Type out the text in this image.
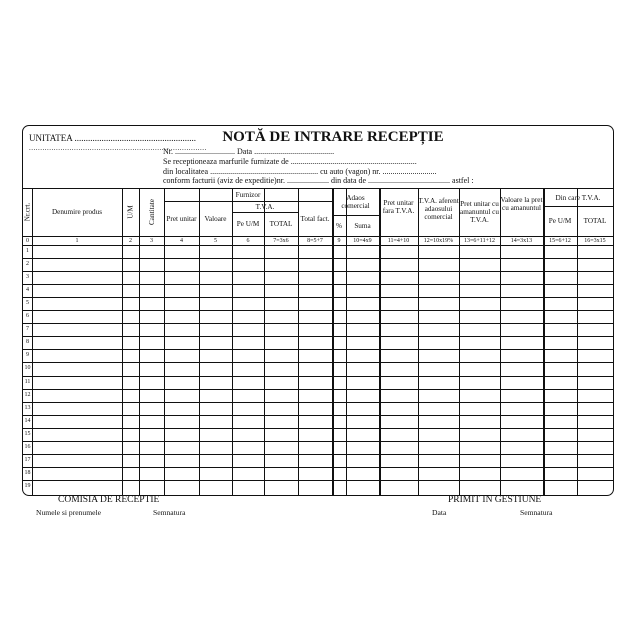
UNITATEA ......................................................
...............................................................................
NOTĂ DE INTRARE RECEPȚIE
Nr. .............................. Data ........................................
Se receptioneaza marfurile furnizate de ...............................................................
din localitatea ...................................................... cu auto (vagon) nr. ...........................
conform facturii (aviz de expeditie)nr. ..................... din data de ......................................... astfel :
Nr.crt.	Denumire produs	U/M Cantitate
Furnizor
Pret unitar	Valoare
T.V.A.
Pe U/M	TOTAL
Total fact.
Adaos comercial
%	Suma
Pret unitar fara T.V.A.
T.V.A. aferent adaosului comercial
Pret unitar cu amanuntul cu T.V.A.
Valoare la pret cu amanuntul
Din care T.V.A.
Pe U/M	TOTAL
0	1	2	3	4	5	6	7=3x6	8=5+7	9	10=4x9	11=4+10	12=10x19%	13=6+11+12	14=3x13	15=6+12	16=3x15
1
2
3
4
5
6
7
8
9
10
11
12
13
14
15
16
17
18
19
COMISIA DE RECEPTIE
Numele si prenumele	Semnatura
PRIMIT IN GESTIUNE
Data	Semnatura
